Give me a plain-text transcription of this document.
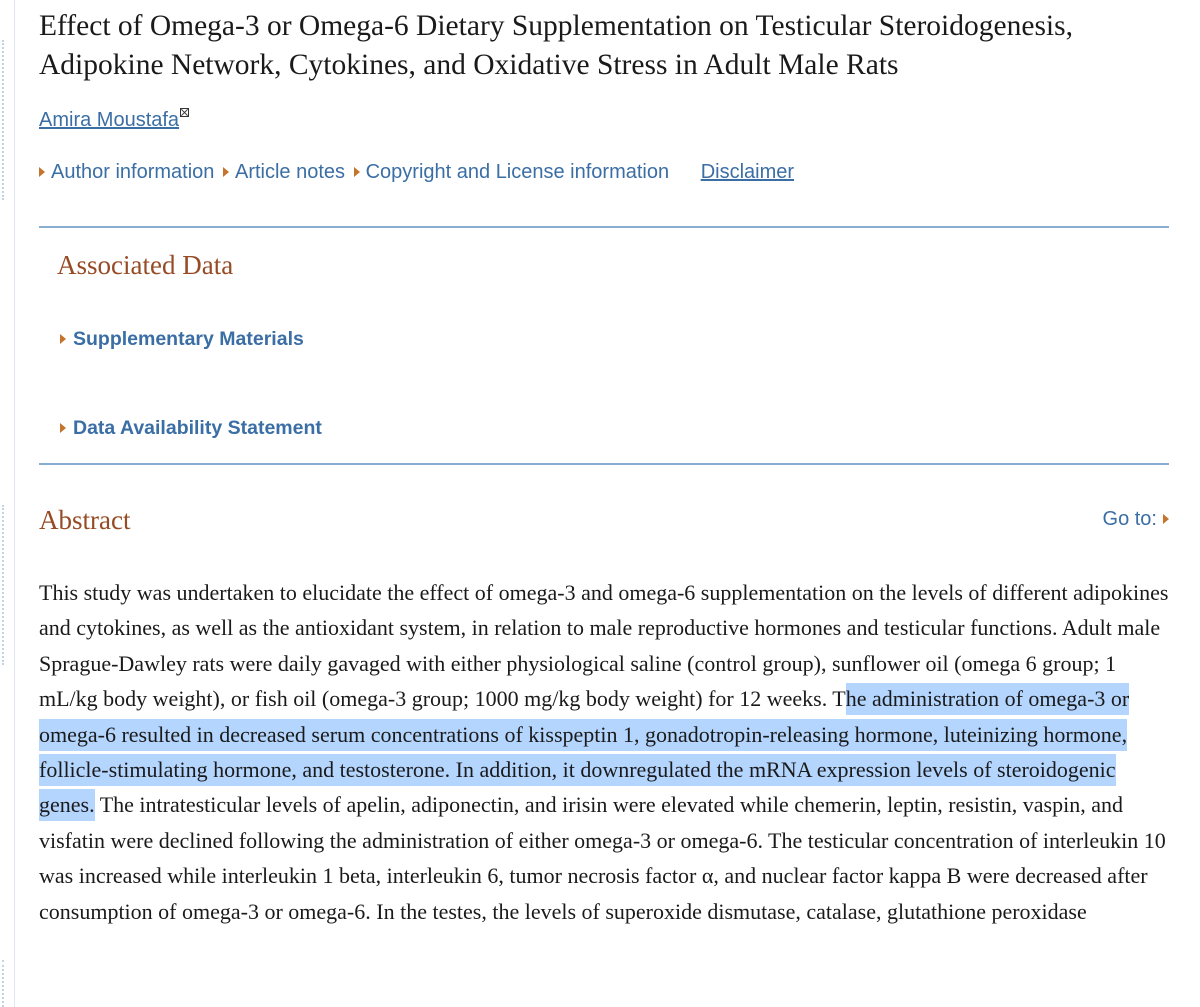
Effect of Omega-3 or Omega-6 Dietary Supplementation on Testicular Steroidogenesis, Adipokine Network, Cytokines, and Oxidative Stress in Adult Male Rats
Amira Moustafa
Author information Article notes Copyright and License information Disclaimer
Associated Data
Supplementary Materials
Data Availability Statement
Abstract	Go to:

This study was undertaken to elucidate the effect of omega-3 and omega-6 supplementation on the levels of different adipokines and cytokines, as well as the antioxidant system, in relation to male reproductive hormones and testicular functions. Adult male Sprague-Dawley rats were daily gavaged with either physiological saline (control group), sunflower oil (omega 6 group; 1 mL/kg body weight), or fish oil (omega-3 group; 1000 mg/kg body weight) for 12 weeks. The administration of omega-3 or omega-6 resulted in decreased serum concentrations of kisspeptin 1, gonadotropin-releasing hormone, luteinizing hormone, follicle-stimulating hormone, and testosterone. In addition, it downregulated the mRNA expression levels of steroidogenic genes. The intratesticular levels of apelin, adiponectin, and irisin were elevated while chemerin, leptin, resistin, vaspin, and visfatin were declined following the administration of either omega-3 or omega-6. The testicular concentration of interleukin 10 was increased while interleukin 1 beta, interleukin 6, tumor necrosis factor α, and nuclear factor kappa B were decreased after consumption of omega-3 or omega-6. In the testes, the levels of superoxide dismutase, catalase, glutathione peroxidase
